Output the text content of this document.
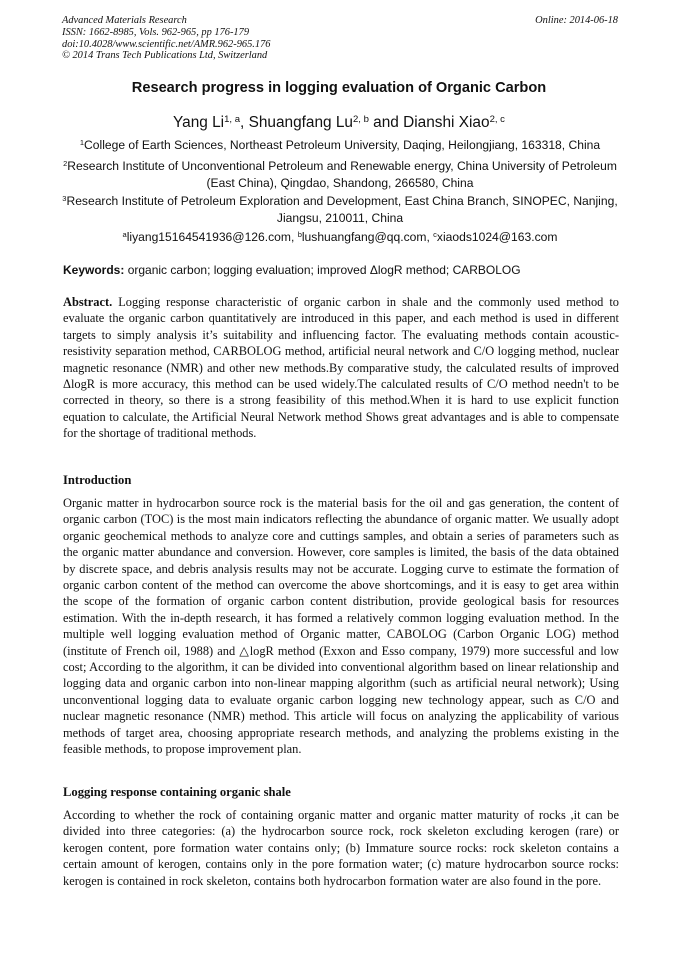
Advanced Materials Research
ISSN: 1662-8985, Vols. 962-965, pp 176-179
doi:10.4028/www.scientific.net/AMR.962-965.176
© 2014 Trans Tech Publications Ltd, Switzerland
Online: 2014-06-18
Research progress in logging evaluation of Organic Carbon
Yang Li$^{1, a}$, Shuangfang Lu$^{2, b}$ and Dianshi Xiao$^{2, c}$
$^1$College of Earth Sciences, Northeast Petroleum University, Daqing, Heilongjiang, 163318, China
$^2$Research Institute of Unconventional Petroleum and Renewable energy, China University of Petroleum (East China), Qingdao, Shandong, 266580, China
$^3$Research Institute of Petroleum Exploration and Development, East China Branch, SINOPEC, Nanjing, Jiangsu, 210011, China
$^a$liyang15164541936@126.com, $^b$lushuangfang@qq.com, $^c$xiaods1024@163.com
Keywords: organic carbon; logging evaluation; improved ΔlogR method; CARBOLOG
Abstract. Logging response characteristic of organic carbon in shale and the commonly used method to evaluate the organic carbon quantitatively are introduced in this paper, and each method is used in different targets to simply analysis it’s suitability and influencing factor. The evaluating methods contain acoustic-resistivity separation method, CARBOLOG method, artificial neural network and C/O logging method, nuclear magnetic resonance (NMR) and other new methods.By comparative study, the calculated results of improved ΔlogR is more accuracy, this method can be used widely.The calculated results of C/O method needn't to be corrected in theory, so there is a strong feasibility of this method.When it is hard to use explicit function equation to calculate, the Artificial Neural Network method Shows great advantages and is able to compensate for the shortage of traditional methods.
Introduction
Organic matter in hydrocarbon source rock is the material basis for the oil and gas generation, the content of organic carbon (TOC) is the most main indicators reflecting the abundance of organic matter. We usually adopt organic geochemical methods to analyze core and cuttings samples, and obtain a series of parameters such as the organic matter abundance and conversion. However, core samples is limited, the basis of the data obtained by discrete space, and debris analysis results may not be accurate. Logging curve to estimate the formation of organic carbon content of the method can overcome the above shortcomings, and it is easy to get area within the scope of the formation of organic carbon content distribution, provide geological basis for resources estimation. With the in-depth research, it has formed a relatively common logging evaluation method. In the multiple well logging evaluation method of Organic matter, CABOLOG (Carbon Organic LOG) method (institute of French oil, 1988) and △logR method (Exxon and Esso company, 1979) more successful and low cost; According to the algorithm, it can be divided into conventional algorithm based on linear relationship and logging data and organic carbon into non-linear mapping algorithm (such as artificial neural network); Using unconventional logging data to evaluate organic carbon logging new technology appear, such as C/O and nuclear magnetic resonance (NMR) method. This article will focus on analyzing the applicability of various methods of target area, choosing appropriate research methods, and analyzing the problems existing in the feasible methods, to propose improvement plan.
Logging response containing organic shale
According to whether the rock of containing organic matter and organic matter maturity of rocks ,it can be divided into three categories: (a) the hydrocarbon source rock, rock skeleton excluding kerogen (rare) or kerogen content, pore formation water contains only; (b) Immature source rocks: rock skeleton contains a certain amount of kerogen, contains only in the pore formation water; (c) mature hydrocarbon source rocks: kerogen is contained in rock skeleton, contains both hydrocarbon formation water are also found in the pore.
